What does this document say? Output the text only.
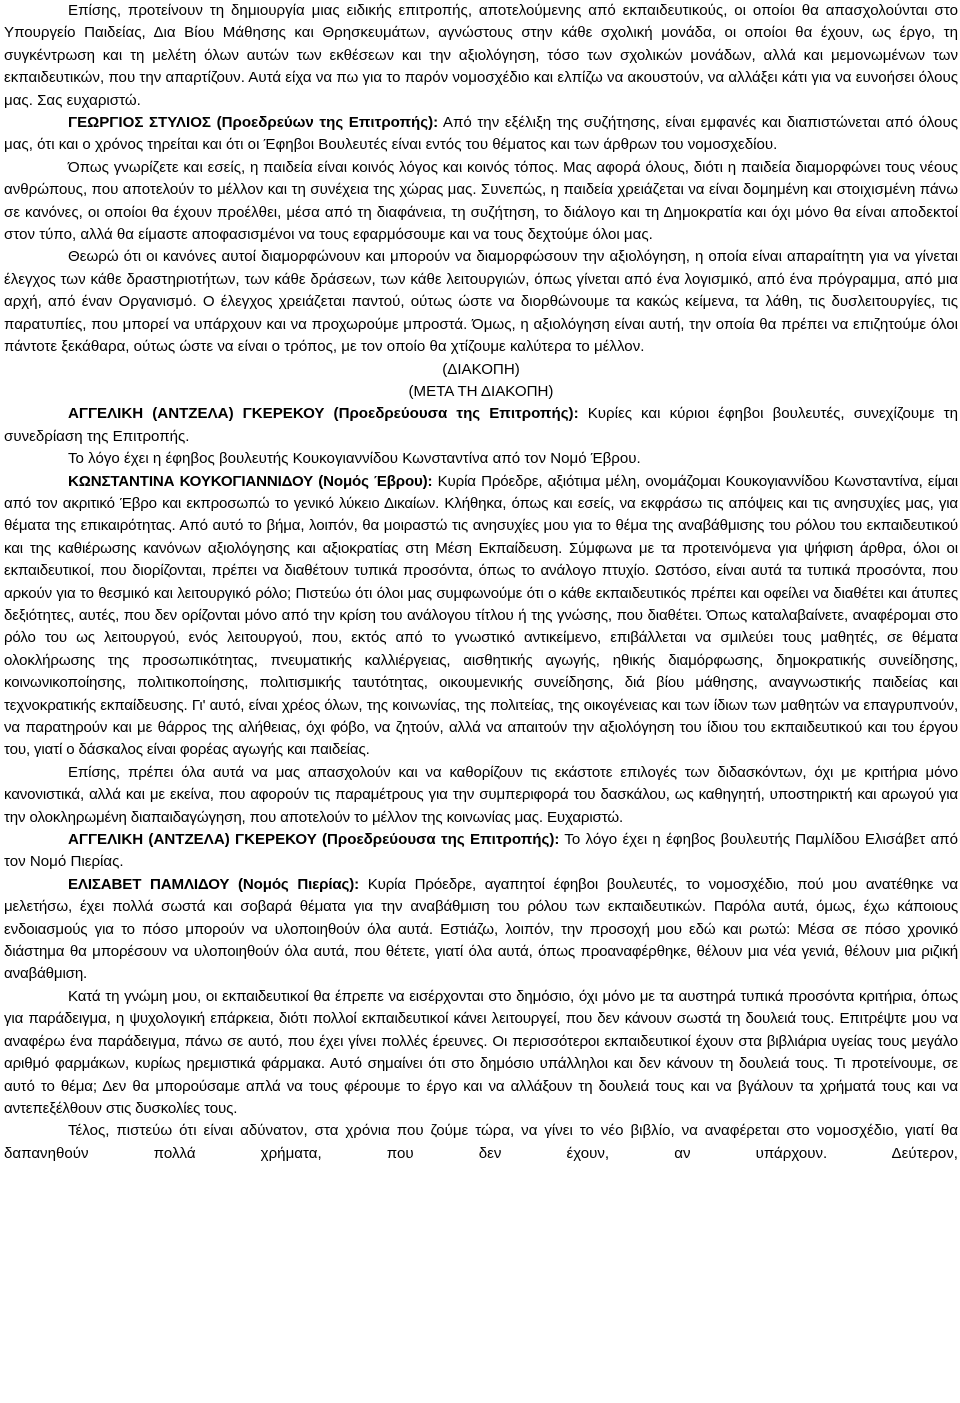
Επίσης, προτείνουν τη δημιουργία μιας ειδικής επιτροπής, αποτελούμενης από εκπαιδευτικούς, οι οποίοι θα απασχολούνται στο Υπουργείο Παιδείας, Δια Βίου Μάθησης και Θρησκευμάτων, αγνώστους στην κάθε σχολική μονάδα, οι οποίοι θα έχουν, ως έργο, τη συγκέντρωση και τη μελέτη όλων αυτών των εκθέσεων και την αξιολόγηση, τόσο των σχολικών μονάδων, αλλά και μεμονωμένων των εκπαιδευτικών, που την απαρτίζουν. Αυτά είχα να πω για το παρόν νομοσχέδιο και ελπίζω να ακουστούν, να αλλάξει κάτι για να ευνοήσει όλους μας. Σας ευχαριστώ.

ΓΕΩΡΓΙΟΣ ΣΤΥΛΙΟΣ (Προεδρεύων της Επιτροπής): Από την εξέλιξη της συζήτησης, είναι εμφανές και διαπιστώνεται από όλους μας, ότι και ο χρόνος τηρείται και ότι οι Έφηβοι Βουλευτές είναι εντός του θέματος και των άρθρων του νομοσχεδίου.

Όπως γνωρίζετε και εσείς, η παιδεία είναι κοινός λόγος και κοινός τόπος. Μας αφορά όλους, διότι η παιδεία διαμορφώνει τους νέους ανθρώπους, που αποτελούν το μέλλον και τη συνέχεια της χώρας μας. Συνεπώς, η παιδεία χρειάζεται να είναι δομημένη και στοιχισμένη πάνω σε κανόνες, οι οποίοι θα έχουν προέλθει, μέσα από τη διαφάνεια, τη συζήτηση, το διάλογο και τη Δημοκρατία και όχι μόνο θα είναι αποδεκτοί στον τύπο, αλλά θα είμαστε αποφασισμένοι να τους εφαρμόσουμε και να τους δεχτούμε όλοι μας.

Θεωρώ ότι οι κανόνες αυτοί διαμορφώνουν και μπορούν να διαμορφώσουν την αξιολόγηση, η οποία είναι απαραίτητη για να γίνεται έλεγχος των κάθε δραστηριοτήτων, των κάθε δράσεων, των κάθε λειτουργιών, όπως γίνεται από ένα λογισμικό, από ένα πρόγραμμα, από μια αρχή, από έναν Οργανισμό. Ο έλεγχος χρειάζεται παντού, ούτως ώστε να διορθώνουμε τα κακώς κείμενα, τα λάθη, τις δυσλειτουργίες, τις παρατυπίες, που μπορεί να υπάρχουν και να προχωρούμε μπροστά. Όμως, η αξιολόγηση είναι αυτή, την οποία θα πρέπει να επιζητούμε όλοι πάντοτε ξεκάθαρα, ούτως ώστε να είναι ο τρόπος, με τον οποίο θα χτίζουμε καλύτερα το μέλλον.

(ΔΙΑΚΟΠΗ)

(ΜΕΤΑ ΤΗ ΔΙΑΚΟΠΗ)

ΑΓΓΕΛΙΚΗ (ΑΝΤΖΕΛΑ) ΓΚΕΡΕΚΟΥ (Προεδρεύουσα της Επιτροπής): Κυρίες και κύριοι έφηβοι βουλευτές, συνεχίζουμε τη συνεδρίαση της Επιτροπής.

Το λόγο έχει η έφηβος βουλευτής Κουκογιαννίδου Κωνσταντίνα από τον Νομό Έβρου.

ΚΩΝΣΤΑΝΤΙΝΑ ΚΟΥΚΟΓΙΑΝΝΙΔΟΥ (Νομός Έβρου): Κυρία Πρόεδρε, αξιότιμα μέλη, ονομάζομαι Κουκογιαννίδου Κωνσταντίνα, είμαι από τον ακριτικό Έβρο και εκπροσωπώ το γενικό λύκειο Δικαίων. Κλήθηκα, όπως και εσείς, να εκφράσω τις απόψεις και τις ανησυχίες μας, για θέματα της επικαιρότητας. Από αυτό το βήμα, λοιπόν, θα μοιραστώ τις ανησυχίες μου για το θέμα της αναβάθμισης του ρόλου του εκπαιδευτικού και της καθιέρωσης κανόνων αξιολόγησης και αξιοκρατίας στη Μέση Εκπαίδευση. Σύμφωνα με τα προτεινόμενα για ψήφιση άρθρα, όλοι οι εκπαιδευτικοί, που διορίζονται, πρέπει να διαθέτουν τυπικά προσόντα, όπως το ανάλογο πτυχίο. Ωστόσο, είναι αυτά τα τυπικά προσόντα, που αρκούν για το θεσμικό και λειτουργικό ρόλο; Πιστεύω ότι όλοι μας συμφωνούμε ότι ο κάθε εκπαιδευτικός πρέπει και οφείλει να διαθέτει και άτυπες δεξιότητες, αυτές, που δεν ορίζονται μόνο από την κρίση του ανάλογου τίτλου ή της γνώσης, που διαθέτει. Όπως καταλαβαίνετε, αναφέρομαι στο ρόλο του ως λειτουργού, ενός λειτουργού, που, εκτός από το γνωστικό αντικείμενο, επιβάλλεται να σμιλεύει τους μαθητές, σε θέματα ολοκλήρωσης της προσωπικότητας, πνευματικής καλλιέργειας, αισθητικής αγωγής, ηθικής διαμόρφωσης, δημοκρατικής συνείδησης, κοινωνικοποίησης, πολιτικοποίησης, πολιτισμικής ταυτότητας, οικουμενικής συνείδησης, διά βίου μάθησης, αναγνωστικής παιδείας και τεχνοκρατικής εκπαίδευσης. Γι' αυτό, είναι χρέος όλων, της κοινωνίας, της πολιτείας, της οικογένειας και των ίδιων των μαθητών να επαγρυπνούν, να παρατηρούν και με θάρρος της αλήθειας, όχι φόβο, να ζητούν, αλλά να απαιτούν την αξιολόγηση του ίδιου του εκπαιδευτικού και του έργου του, γιατί ο δάσκαλος είναι φορέας αγωγής και παιδείας.

Επίσης, πρέπει όλα αυτά να μας απασχολούν και να καθορίζουν τις εκάστοτε επιλογές των διδασκόντων, όχι με κριτήρια μόνο κανονιστικά, αλλά και με εκείνα, που αφορούν τις παραμέτρους για την συμπεριφορά του δασκάλου, ως καθηγητή, υποστηρικτή και αρωγού για την ολοκληρωμένη διαπαιδαγώγηση, που αποτελούν το μέλλον της κοινωνίας μας. Ευχαριστώ.

ΑΓΓΕΛΙΚΗ (ΑΝΤΖΕΛΑ) ΓΚΕΡΕΚΟΥ (Προεδρεύουσα της Επιτροπής): Το λόγο έχει η έφηβος βουλευτής Παμλίδου Ελισάβετ από τον Νομό Πιερίας.

ΕΛΙΣΑΒΕΤ ΠΑΜΛΙΔΟΥ (Νομός Πιερίας): Κυρία Πρόεδρε, αγαπητοί έφηβοι βουλευτές, το νομοσχέδιο, πού μου ανατέθηκε να μελετήσω, έχει πολλά σωστά και σοβαρά θέματα για την αναβάθμιση του ρόλου των εκπαιδευτικών. Παρόλα αυτά, όμως, έχω κάποιους ενδοιασμούς για το πόσο μπορούν να υλοποιηθούν όλα αυτά. Εστιάζω, λοιπόν, την προσοχή μου εδώ και ρωτώ: Μέσα σε πόσο χρονικό διάστημα θα μπορέσουν να υλοποιηθούν όλα αυτά, που θέτετε, γιατί όλα αυτά, όπως προαναφέρθηκε, θέλουν μια νέα γενιά, θέλουν μια ριζική αναβάθμιση.

Κατά τη γνώμη μου, οι εκπαιδευτικοί θα έπρεπε να εισέρχονται στο δημόσιο, όχι μόνο με τα αυστηρά τυπικά προσόντα κριτήρια, όπως για παράδειγμα, η ψυχολογική επάρκεια, διότι πολλοί εκπαιδευτικοί κάνει λειτουργεί, που δεν κάνουν σωστά τη δουλειά τους. Επιτρέψτε μου να αναφέρω ένα παράδειγμα, πάνω σε αυτό, που έχει γίνει πολλές έρευνες. Οι περισσότεροι εκπαιδευτικοί έχουν στα βιβλιάρια υγείας τους μεγάλο αριθμό φαρμάκων, κυρίως ηρεμιστικά φάρμακα. Αυτό σημαίνει ότι στο δημόσιο υπάλληλοι και δεν κάνουν τη δουλειά τους. Τι προτείνουμε, σε αυτό το θέμα; Δεν θα μπορούσαμε απλά να τους φέρουμε το έργο και να αλλάξουν τη δουλειά τους και να βγάλουν τα χρήματά τους και να αντεπεξέλθουν στις δυσκολίες τους.

Τέλος, πιστεύω ότι είναι αδύνατον, στα χρόνια που ζούμε τώρα, να γίνει το νέο βιβλίο, να αναφέρεται στο νομοσχέδιο, γιατί θα δαπανηθούν πολλά χρήματα, που δεν έχουν, αν υπάρχουν. Δεύτερον,
